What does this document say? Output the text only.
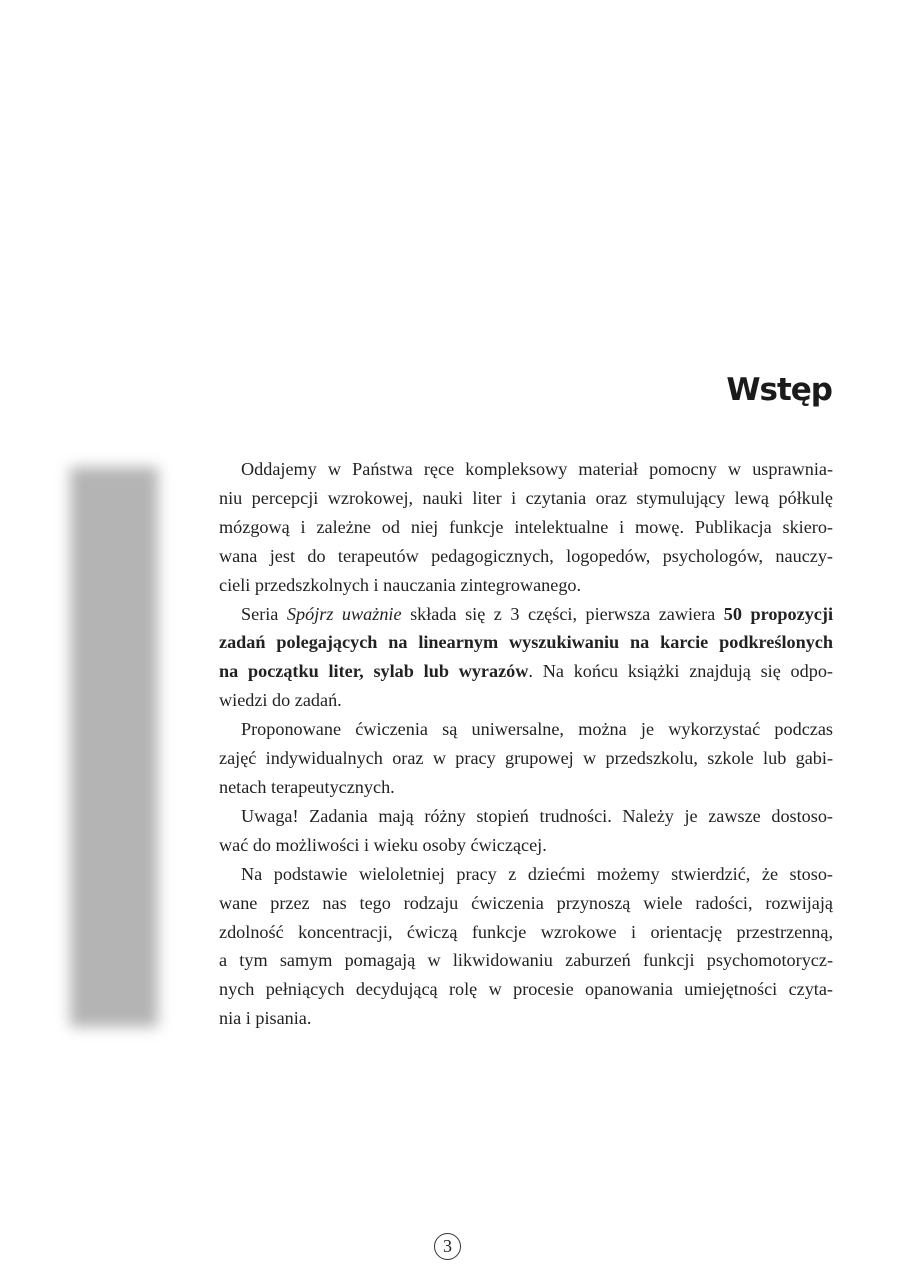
Wstęp

Oddajemy w Państwa ręce kompleksowy materiał pomocny w usprawnia-

niu percepcji wzrokowej, nauki liter i czytania oraz stymulujący lewą półkulę

mózgową i zależne od niej funkcje intelektualne i mowę. Publikacja skiero-

wana jest do terapeutów pedagogicznych, logopedów, psychologów, nauczy-

cieli przedszkolnych i nauczania zintegrowanego.

Seria Spójrz uważnie składa się z 3 części, pierwsza zawiera 50 propozycji

zadań polegających na linearnym wyszukiwaniu na karcie podkreślonych

na początku liter, sylab lub wyrazów. Na końcu książki znajdują się odpo-

wiedzi do zadań.

Proponowane ćwiczenia są uniwersalne, można je wykorzystać podczas

zajęć indywidualnych oraz w pracy grupowej w przedszkolu, szkole lub gabi-

netach terapeutycznych.

Uwaga! Zadania mają różny stopień trudności. Należy je zawsze dostoso-

wać do możliwości i wieku osoby ćwiczącej.

Na podstawie wieloletniej pracy z dziećmi możemy stwierdzić, że stoso-

wane przez nas tego rodzaju ćwiczenia przynoszą wiele radości, rozwijają

zdolność koncentracji, ćwiczą funkcje wzrokowe i orientację przestrzenną,

a tym samym pomagają w likwidowaniu zaburzeń funkcji psychomotorycz-

nych pełniących decydującą rolę w procesie opanowania umiejętności czyta-

nia i pisania.

3
